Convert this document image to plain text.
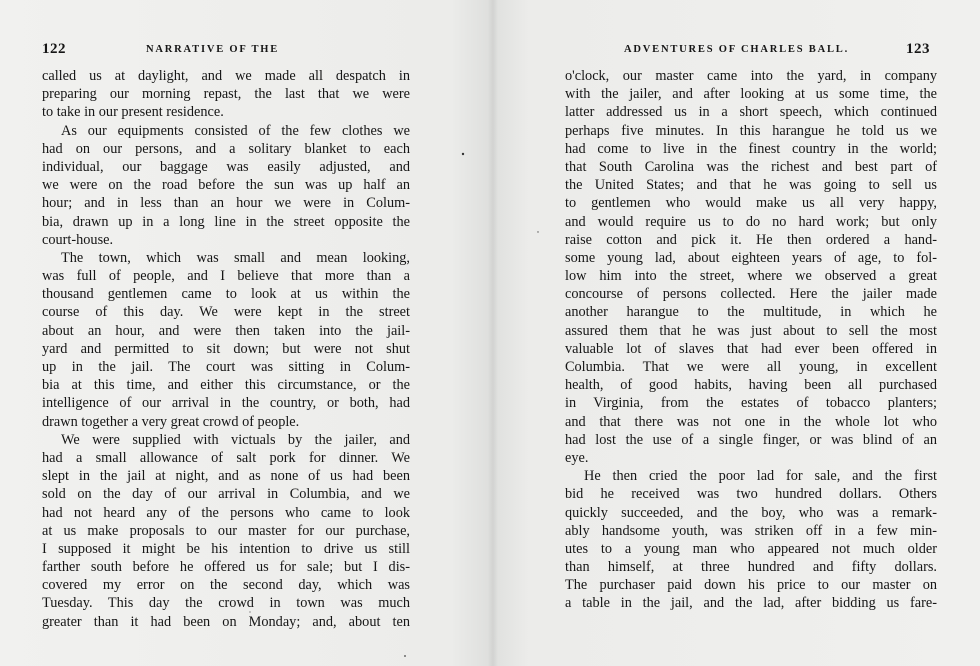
122	NARRATIVE OF THE
called us at daylight, and we made all despatch in
preparing our morning repast, the last that we were
to take in our present residence.
As our equipments consisted of the few clothes we
had on our persons, and a solitary blanket to each
individual, our baggage was easily adjusted, and
we were on the road before the sun was up half an
hour; and in less than an hour we were in Colum-
bia, drawn up in a long line in the street opposite the
court-house.
The town, which was small and mean looking,
was full of people, and I believe that more than a
thousand gentlemen came to look at us within the
course of this day. We were kept in the street
about an hour, and were then taken into the jail-
yard and permitted to sit down; but were not shut
up in the jail. The court was sitting in Colum-
bia at this time, and either this circumstance, or the
intelligence of our arrival in the country, or both, had
drawn together a very great crowd of people.
We were supplied with victuals by the jailer, and
had a small allowance of salt pork for dinner. We
slept in the jail at night, and as none of us had been
sold on the day of our arrival in Columbia, and we
had not heard any of the persons who came to look
at us make proposals to our master for our purchase,
I supposed it might be his intention to drive us still
farther south before he offered us for sale; but I dis-
covered my error on the second day, which was
Tuesday. This day the crowd in town was much
greater than it had been on Monday; and, about ten
ADVENTURES OF CHARLES BALL.	123
o'clock, our master came into the yard, in company
with the jailer, and after looking at us some time, the
latter addressed us in a short speech, which continued
perhaps five minutes. In this harangue he told us we
had come to live in the finest country in the world;
that South Carolina was the richest and best part of
the United States; and that he was going to sell us
to gentlemen who would make us all very happy,
and would require us to do no hard work; but only
raise cotton and pick it. He then ordered a hand-
some young lad, about eighteen years of age, to fol-
low him into the street, where we observed a great
concourse of persons collected. Here the jailer made
another harangue to the multitude, in which he
assured them that he was just about to sell the most
valuable lot of slaves that had ever been offered in
Columbia. That we were all young, in excellent
health, of good habits, having been all purchased
in Virginia, from the estates of tobacco planters;
and that there was not one in the whole lot who
had lost the use of a single finger, or was blind of an
eye.
He then cried the poor lad for sale, and the first
bid he received was two hundred dollars. Others
quickly succeeded, and the boy, who was a remark-
ably handsome youth, was striken off in a few min-
utes to a young man who appeared not much older
than himself, at three hundred and fifty dollars.
The purchaser paid down his price to our master on
a table in the jail, and the lad, after bidding us fare-
